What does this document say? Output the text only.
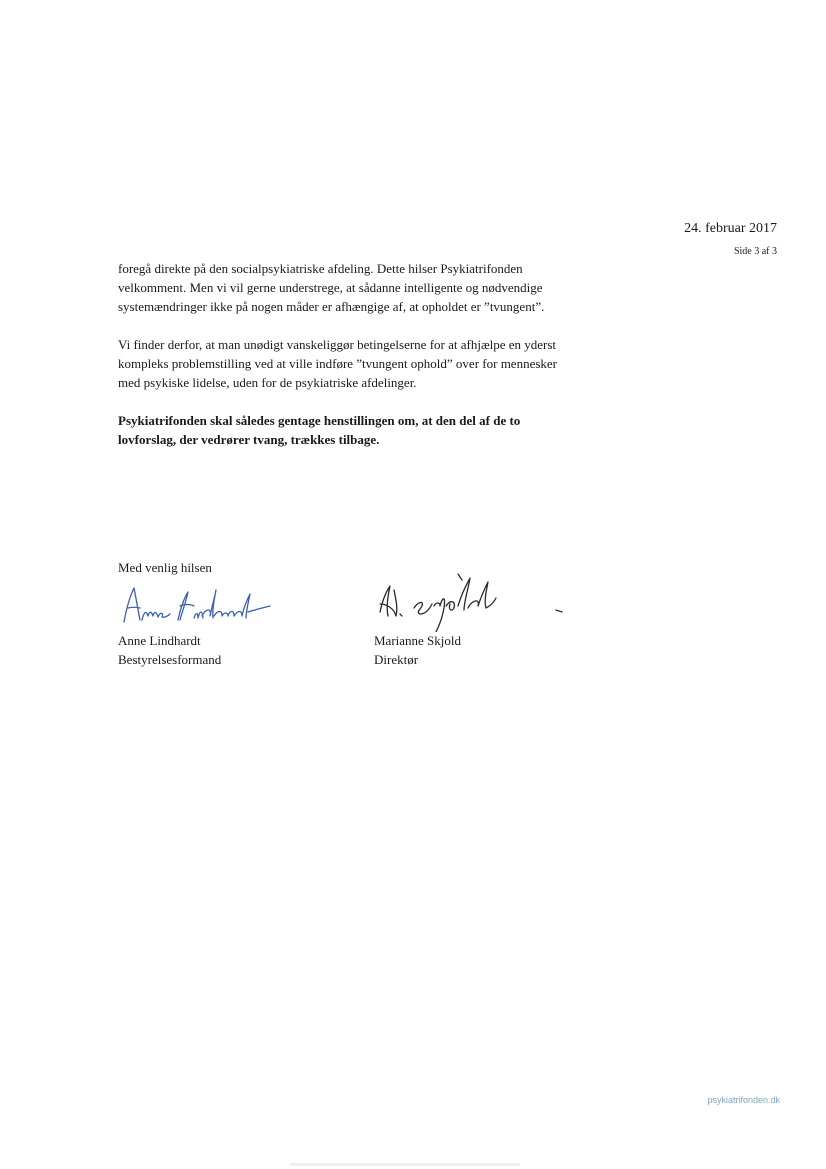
24. februar 2017
Side 3 af 3

foregå direkte på den socialpsykiatriske afdeling. Dette hilser Psykiatrifonden
velkomment. Men vi vil gerne understrege, at sådanne intelligente og nødvendige
systemændringer ikke på nogen måder er afhængige af, at opholdet er ”tvungent”.

Vi finder derfor, at man unødigt vanskeliggør betingelserne for at afhjælpe en yderst
kompleks problemstilling ved at ville indføre ”tvungent ophold” over for mennesker
med psykiske lidelse, uden for de psykiatriske afdelinger.

Psykiatrifonden skal således gentage henstillingen om, at den del af de to
lovforslag, der vedrører tvang, trækkes tilbage.

Med venlig hilsen
Anne Lindhardt
Bestyrelsesformand
Marianne Skjold
Direktør
psykiatrifonden.dk
